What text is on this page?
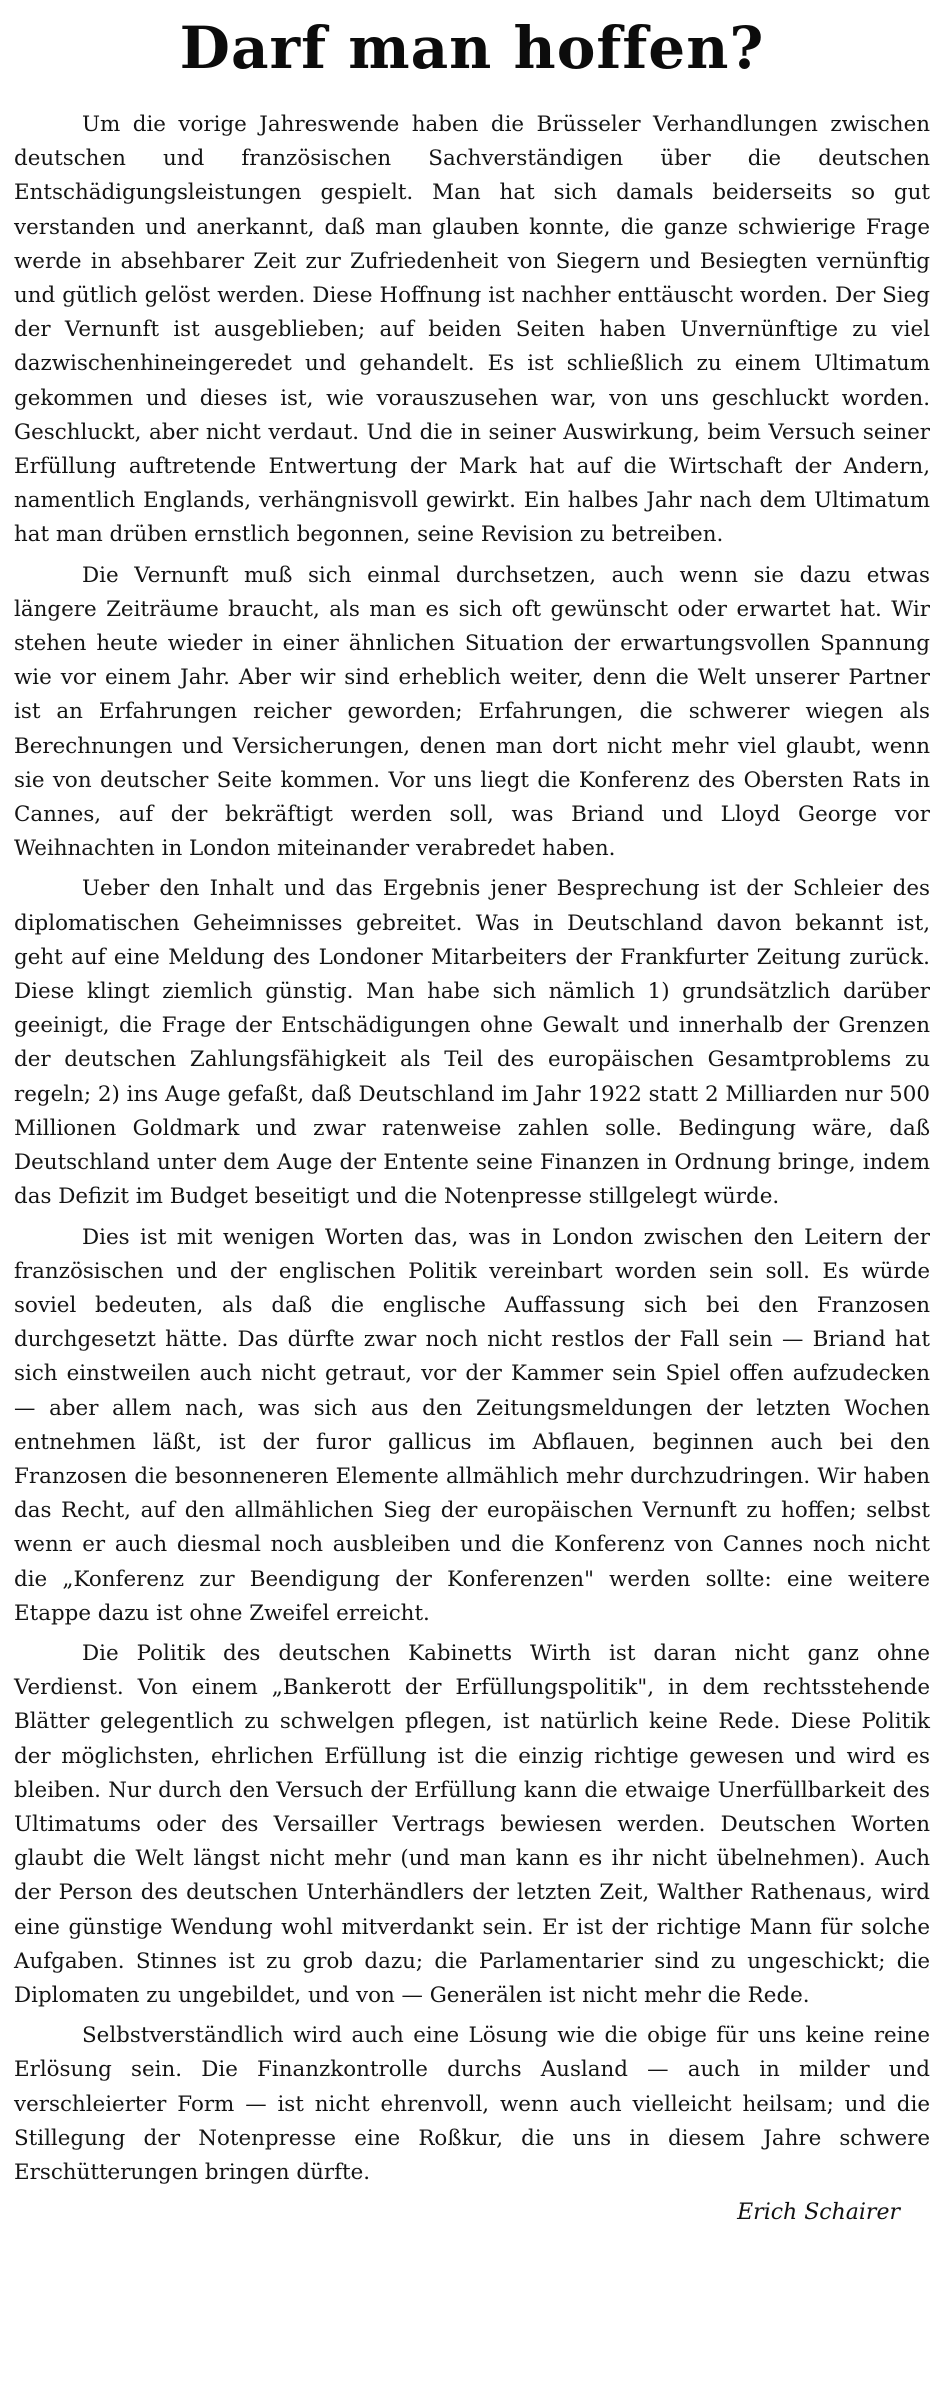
Darf man hoffen?

Um die vorige Jahreswende haben die Brüsseler Verhandlungen zwischen deutschen und französischen Sachverständigen über die deutschen Entschädigungsleistungen gespielt. Man hat sich damals beiderseits so gut verstanden und anerkannt, daß man glauben konnte, die ganze schwierige Frage werde in absehbarer Zeit zur Zufriedenheit von Siegern und Besiegten vernünftig und gütlich gelöst werden. Diese Hoffnung ist nachher enttäuscht worden. Der Sieg der Vernunft ist ausgeblieben; auf beiden Seiten haben Unvernünftige zu viel dazwischenhineingeredet und gehandelt. Es ist schließlich zu einem Ultimatum gekommen und dieses ist, wie vorauszusehen war, von uns geschluckt worden. Geschluckt, aber nicht verdaut. Und die in seiner Auswirkung, beim Versuch seiner Erfüllung auftretende Entwertung der Mark hat auf die Wirtschaft der Andern, namentlich Englands, verhängnisvoll gewirkt. Ein halbes Jahr nach dem Ultimatum hat man drüben ernstlich begonnen, seine Revision zu betreiben.

Die Vernunft muß sich einmal durchsetzen, auch wenn sie dazu etwas längere Zeiträume braucht, als man es sich oft gewünscht oder erwartet hat. Wir stehen heute wieder in einer ähnlichen Situation der erwartungsvollen Spannung wie vor einem Jahr. Aber wir sind erheblich weiter, denn die Welt unserer Partner ist an Erfahrungen reicher geworden; Erfahrungen, die schwerer wiegen als Berechnungen und Versicherungen, denen man dort nicht mehr viel glaubt, wenn sie von deutscher Seite kommen. Vor uns liegt die Konferenz des Obersten Rats in Cannes, auf der bekräftigt werden soll, was Briand und Lloyd George vor Weihnachten in London miteinander verabredet haben.

Ueber den Inhalt und das Ergebnis jener Besprechung ist der Schleier des diplomatischen Geheimnisses gebreitet. Was in Deutschland davon bekannt ist, geht auf eine Meldung des Londoner Mitarbeiters der Frankfurter Zeitung zurück. Diese klingt ziemlich günstig. Man habe sich nämlich 1) grundsätzlich darüber geeinigt, die Frage der Entschädigungen ohne Gewalt und innerhalb der Grenzen der deutschen Zahlungsfähigkeit als Teil des europäischen Gesamtproblems zu regeln; 2) ins Auge gefaßt, daß Deutschland im Jahr 1922 statt 2 Milliarden nur 500 Millionen Goldmark und zwar ratenweise zahlen solle. Bedingung wäre, daß Deutschland unter dem Auge der Entente seine Finanzen in Ordnung bringe, indem das Defizit im Budget beseitigt und die Notenpresse stillgelegt würde.

Dies ist mit wenigen Worten das, was in London zwischen den Leitern der französischen und der englischen Politik vereinbart worden sein soll. Es würde soviel bedeuten, als daß die englische Auffassung sich bei den Franzosen durchgesetzt hätte. Das dürfte zwar noch nicht restlos der Fall sein — Briand hat sich einstweilen auch nicht getraut, vor der Kammer sein Spiel offen aufzudecken — aber allem nach, was sich aus den Zeitungsmeldungen der letzten Wochen entnehmen läßt, ist der furor gallicus im Abflauen, beginnen auch bei den Franzosen die besonneneren Elemente allmählich mehr durchzudringen. Wir haben das Recht, auf den allmählichen Sieg der europäischen Vernunft zu hoffen; selbst wenn er auch diesmal noch ausbleiben und die Konferenz von Cannes noch nicht die „Konferenz zur Beendigung der Konferenzen" werden sollte: eine weitere Etappe dazu ist ohne Zweifel erreicht.

Die Politik des deutschen Kabinetts Wirth ist daran nicht ganz ohne Verdienst. Von einem „Bankerott der Erfüllungspolitik", in dem rechtsstehende Blätter gelegentlich zu schwelgen pflegen, ist natürlich keine Rede. Diese Politik der möglichsten, ehrlichen Erfüllung ist die einzig richtige gewesen und wird es bleiben. Nur durch den Versuch der Erfüllung kann die etwaige Unerfüllbarkeit des Ultimatums oder des Versailler Vertrags bewiesen werden. Deutschen Worten glaubt die Welt längst nicht mehr (und man kann es ihr nicht übelnehmen). Auch der Person des deutschen Unterhändlers der letzten Zeit, Walther Rathenaus, wird eine günstige Wendung wohl mitverdankt sein. Er ist der richtige Mann für solche Aufgaben. Stinnes ist zu grob dazu; die Parlamentarier sind zu ungeschickt; die Diplomaten zu ungebildet, und von — Generälen ist nicht mehr die Rede.

Selbstverständlich wird auch eine Lösung wie die obige für uns keine reine Erlösung sein. Die Finanzkontrolle durchs Ausland — auch in milder und verschleierter Form — ist nicht ehrenvoll, wenn auch vielleicht heilsam; und die Stillegung der Notenpresse eine Roßkur, die uns in diesem Jahre schwere Erschütterungen bringen dürfte.

Erich Schairer
